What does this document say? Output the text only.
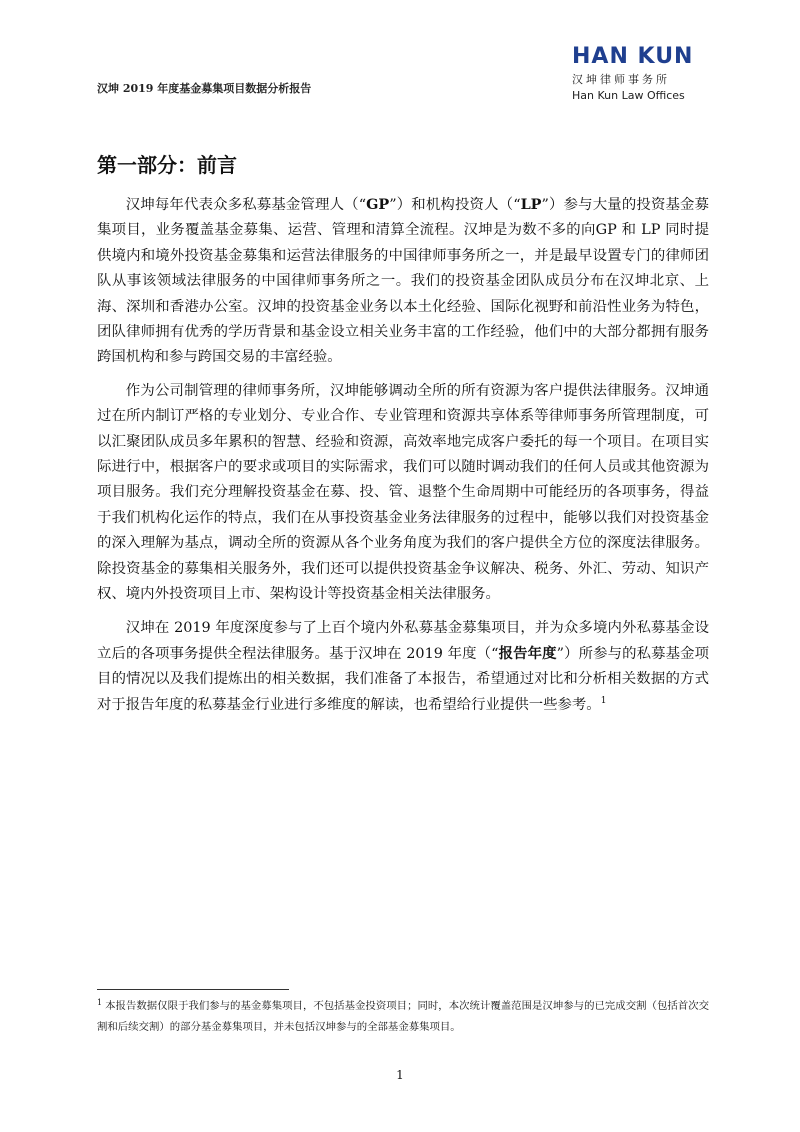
HAN KUN
汉坤律师事务所
Han Kun Law Offices
汉坤 2019 年度基金募集项目数据分析报告
第一部分：前言

汉坤每年代表众多私募基金管理人（“GP”）和机构投资人（“LP”）参与大量的投资基金募集项目，业务覆盖基金募集、运营、管理和清算全流程。汉坤是为数不多的向GP 和 LP 同时提供境内和境外投资基金募集和运营法律服务的中国律师事务所之一，并是最早设置专门的律师团队从事该领域法律服务的中国律师事务所之一。我们的投资基金团队成员分布在汉坤北京、上海、深圳和香港办公室。汉坤的投资基金业务以本土化经验、国际化视野和前沿性业务为特色，团队律师拥有优秀的学历背景和基金设立相关业务丰富的工作经验，他们中的大部分都拥有服务跨国机构和参与跨国交易的丰富经验。

作为公司制管理的律师事务所，汉坤能够调动全所的所有资源为客户提供法律服务。汉坤通过在所内制订严格的专业划分、专业合作、专业管理和资源共享体系等律师事务所管理制度，可以汇聚团队成员多年累积的智慧、经验和资源，高效率地完成客户委托的每一个项目。在项目实际进行中，根据客户的要求或项目的实际需求，我们可以随时调动我们的任何人员或其他资源为项目服务。我们充分理解投资基金在募、投、管、退整个生命周期中可能经历的各项事务，得益于我们机构化运作的特点，我们在从事投资基金业务法律服务的过程中，能够以我们对投资基金的深入理解为基点，调动全所的资源从各个业务角度为我们的客户提供全方位的深度法律服务。除投资基金的募集相关服务外，我们还可以提供投资基金争议解决、税务、外汇、劳动、知识产权、境内外投资项目上市、架构设计等投资基金相关法律服务。

汉坤在 2019 年度深度参与了上百个境内外私募基金募集项目，并为众多境内外私募基金设立后的各项事务提供全程法律服务。基于汉坤在 2019 年度（“报告年度”）所参与的私募基金项目的情况以及我们提炼出的相关数据，我们准备了本报告，希望通过对比和分析相关数据的方式对于报告年度的私募基金行业进行多维度的解读，也希望给行业提供一些参考。$^1$

$^1$ 本报告数据仅限于我们参与的基金募集项目，不包括基金投资项目；同时，本次统计覆盖范围是汉坤参与的已完成交割（包括首次交割和后续交割）的部分基金募集项目，并未包括汉坤参与的全部基金募集项目。
1
